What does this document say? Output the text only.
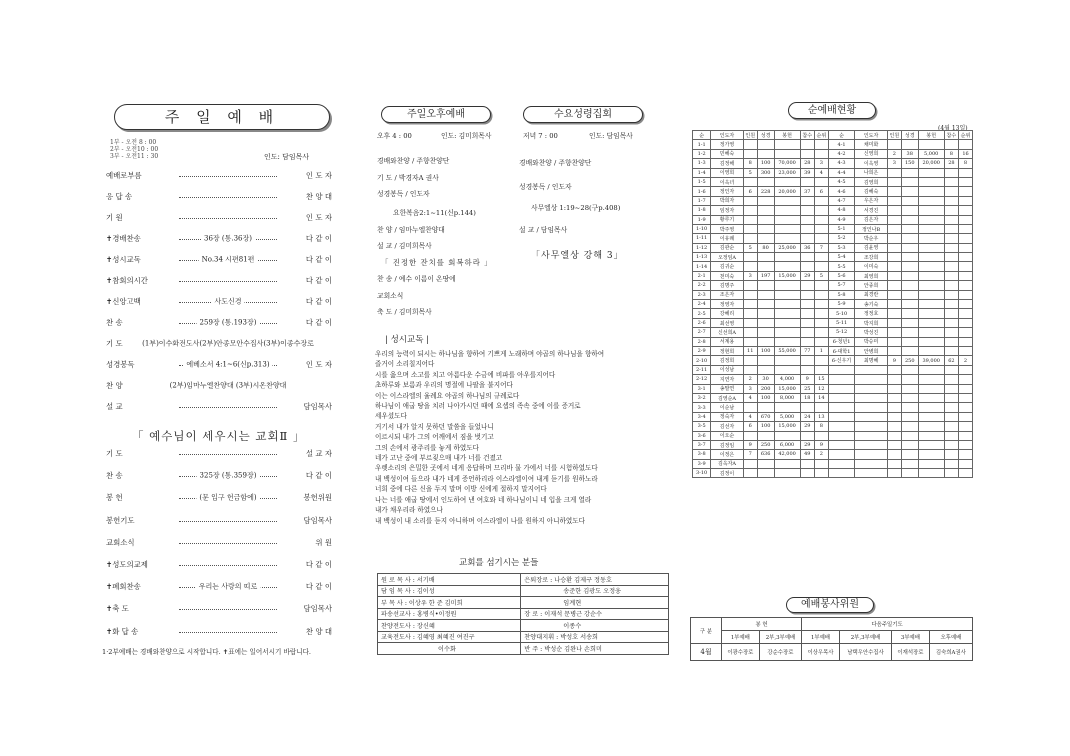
주 일 예 배
1부 - 오전 8 : 00
2부 - 오전10 : 00
3부 - 오전11 : 30	인도: 담임목사
예배로부름	인 도 자
응 답 송	찬 양 대
기 원	인 도 자
✝경배찬송	36장 (통.36장)	다 같 이
✝성시교독	No.34 시편81편	다 같 이
✝참회의시간	다 같 이
✝신앙고백	사도신경	다 같 이
찬 송	259장 (통.193장)	다 같 이
기 도	(1부)이수화전도사(2부)안종모안수집사(3부)이종수장로
성경봉독	에베소서 4:1~6(신p.313)	인 도 자
찬 양	(2부)임마누엘찬양대 (3부)시온찬양대
설 교	담임목사
「 예수님이 세우시는 교회Ⅱ 」
기 도	설 교 자
찬 송	325장 (통.359장)	다 같 이
봉 헌	(문 입구 헌금함에)	봉헌위원
봉헌기도	담임목사
교회소식	위 원
✝성도의교제	다 같 이
✝폐회찬송	우리는 사랑의 띠로	다 같 이
✝축 도	담임목사
✝화 답 송	찬 양 대
1·2부예배는 경배와찬양으로 시작합니다. ✝표에는 일어서시기 바랍니다.
주일오후예배	수요성령집회
오후 4 : 00	인도: 김미희목사	저녁 7 : 00	인도: 담임목사
경배와찬양 / 주향찬양단
기 도 / 박경자A 권사
성경봉독 / 인도자
요한복음2:1~11(신p.144)
찬 양 / 임마누엘찬양대
설 교 / 김미희목사
「 진정한 잔치를 회복하라 」
찬 송 / 예수 이름이 온땅에
교회소식
축 도 / 김미희목사
경배와찬양 / 주향찬양단
성경봉독 / 인도자
사무엘상 1:19~28(구p.408)
설 교 / 담임목사
「사무엘상 강해 3」
| 성시교독 |
우리의 능력이 되시는 하나님을 향하여 기쁘게 노래하며 야곱의 하나님을 향하여
즐거이 소리칠지어다
시를 읊으며 소고를 치고 아름다운 수금에 비파를 아우를지어다
초하루와 보름과 우리의 명절에 나팔을 불지어다
이는 이스라엘의 율례요 야곱의 하나님의 규례로다
하나님이 애굽 땅을 치러 나아가시던 때에 요셉의 족속 중에 이를 증거로
세우셨도다
거기서 내가 알지 못하던 말씀을 들었나니
이르시되 내가 그의 어깨에서 짐을 벗기고
그의 손에서 광주리를 놓게 하였도다
네가 고난 중에 부르짖으매 내가 너를 건졌고
우렛소리의 은밀한 곳에서 네게 응답하며 므리바 물 가에서 너를 시험하였도다
내 백성이여 들으라 내가 네게 증언하리라 이스라엘이여 내게 듣기를 원하노라
너희 중에 다른 신을 두지 말며 이방 신에게 절하지 말지어다
나는 너를 애굽 땅에서 인도하여 낸 여호와 네 하나님이니 네 입을 크게 열라
내가 채우리라 하였으나
내 백성이 내 소리를 듣지 아니하며 이스라엘이 나를 원하지 아니하였도다
교회를 섬기시는 분들
원 로 목 사 : 서기배	은퇴장로 : 나승환 김제구 정동호
담 임 목 사 : 김이성	송준한 김광도 오정웅
부 목 사 : 이상우 한 준 김미희	임계현
파송선교사 : 홍병식•이정원	장 로 : 이재석 문병근 강순수
찬양전도사 : 장신혜	이종수
교육전도사 : 김혜영 최혜진 여진구	찬양대지휘 : 박성호 서송희
이수화	반 주 : 박성순 김완나 손희미
순예배현황
(4월 13일)
순	인도자	인원	성경	봉헌	참수	순위	순	인도자	인원	성경	봉헌	참수	순위
1-1	정가영						4-1	채미화					
1-2	민혜숙						4-2	신영희	2	38	5,000	8	16
1-3	김정해	8	100	70,000	28	3	4-3	이옥영	3	150	20,000	28	8
1-4	이영희	5	300	23,000	39	4	4-4	나희은					
1-5	이옥녀						4-5	김영희					
1-6	정인자	6	228	20,000	37	6	4-6	김혜숙					
1-7	박희자						4-7	우은자					
1-8	임정자						4-8	서경진					
1-9	황루기						4-9	김은자					
1-10	박주영						5-1	정인나B					
1-11	이유례						5-2	박순우					
1-12	김관순	5	80	25,000	36	7	5-3	김윤영					
1-13	오정임A						5-4	조강희					
1-14	김귀순						5-5	이미숙					
2-1	천미숙	3	197	15,000	29	5	5-6	최영희					
2-2	김명주						5-7	안종희					
2-3	조은자						5-8	최경란					
2-4	정영자						5-9	송기숙					
2-5	강혜리						5-10	정정호					
2-6	최선영						5-11	박지희					
2-7	신선희A						5-12	박성진					
2-8	서계용						6-청년1	박승미					
2-9	정현희	11	100	55,000	77	1	6-대학1	안병희					
2-10	김정희						6-신우기	최명혜	9	250	39,000	62	2
2-11	이성남												
2-12	지연자	2	30	4,000	9	15							
3-1	송말연	3	200	15,000	25	12							
3-2	김영순A	4	100	8,000	18	14							
3-3	이순남												
3-4	정숙자	4	670	5,000	24	13							
3-5	김선자	6	100	15,000	29	8							
3-6	이오순												
3-7	김정임	9	250	6,000	29	9							
3-8	이정은	7	636	42,000	49	2							
3-9	김옥자A												
3-10	김정이												
예배봉사위원
구 분	봉 헌		다음주일기도			
	1부예배	2부,3부예배	1부예배	2부,3부예배	3부예배	오후예배
4월	이광수장로	강순수장로	이상우목사	남택우안수집사	이재석장로	김숙희A권사
